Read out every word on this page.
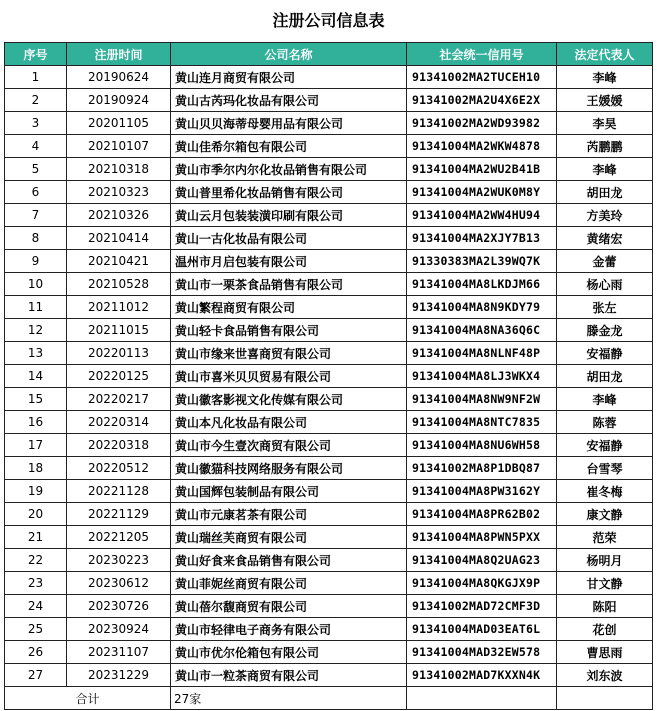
注册公司信息表
序号	注册时间	公司名称	社会统一信用号	法定代表人
1	20190624	黄山连月商贸有限公司	91341002MA2TUCEH10	李峰
2	20190924	黄山古芮玛化妆品有限公司	91341002MA2U4X6E2X	王媛媛
3	20201105	黄山贝贝海蒂母婴用品有限公司	91341002MA2WD93982	李昊
4	20210107	黄山佳希尔箱包有限公司	91341004MA2WKW4878	芮鹏鹏
5	20210318	黄山市季尔内尔化妆品销售有限公司	91341004MA2WU2B41B	李峰
6	20210323	黄山普里希化妆品销售有限公司	91341004MA2WUK0M8Y	胡田龙
7	20210326	黄山云月包装装潢印刷有限公司	91341004MA2WW4HU94	方美玲
8	20210414	黄山一古化妆品有限公司	91341004MA2XJY7B13	黄绪宏
9	20210421	温州市月启包装有限公司	91330383MA2L39WQ7K	金蕾
10	20210528	黄山市一栗茶食品销售有限公司	91341004MA8LKDJM66	杨心雨
11	20211012	黄山繁程商贸有限公司	91341004MA8N9KDY79	张左
12	20211015	黄山轻卡食品销售有限公司	91341004MA8NA36Q6C	滕金龙
13	20220113	黄山市缘来世喜商贸有限公司	91341004MA8NLNF48P	安福静
14	20220125	黄山市喜米贝贝贸易有限公司	91341004MA8LJ3WKX4	胡田龙
15	20220217	黄山徽客影视文化传媒有限公司	91341004MA8NW9NF2W	李峰
16	20220314	黄山本凡化妆品有限公司	91341004MA8NTC7835	陈蓉
17	20220318	黄山市今生壹次商贸有限公司	91341004MA8NU6WH58	安福静
18	20220512	黄山徽猫科技网络服务有限公司	91341002MA8P1DBQ87	台雪琴
19	20221128	黄山国辉包装制品有限公司	91341004MA8PW3162Y	崔冬梅
20	20221129	黄山市元康茗茶有限公司	91341004MA8PR62B02	康文静
21	20221205	黄山瑞丝芙商贸有限公司	91341004MA8PWN5PXX	范荣
22	20230223	黄山好食来食品销售有限公司	91341004MA8Q2UAG23	杨明月
23	20230612	黄山菲妮丝商贸有限公司	91341004MA8QKGJX9P	甘文静
24	20230726	黄山蓓尔馥商贸有限公司	91341002MAD72CMF3D	陈阳
25	20230924	黄山市轻律电子商务有限公司	91341004MAD03EAT6L	花创
26	20231107	黄山市优尔伦箱包有限公司	91341004MAD32EW578	曹思雨
27	20231229	黄山市一粒茶商贸有限公司	91341002MAD7KXXN4K	刘东波
合计		27家		
